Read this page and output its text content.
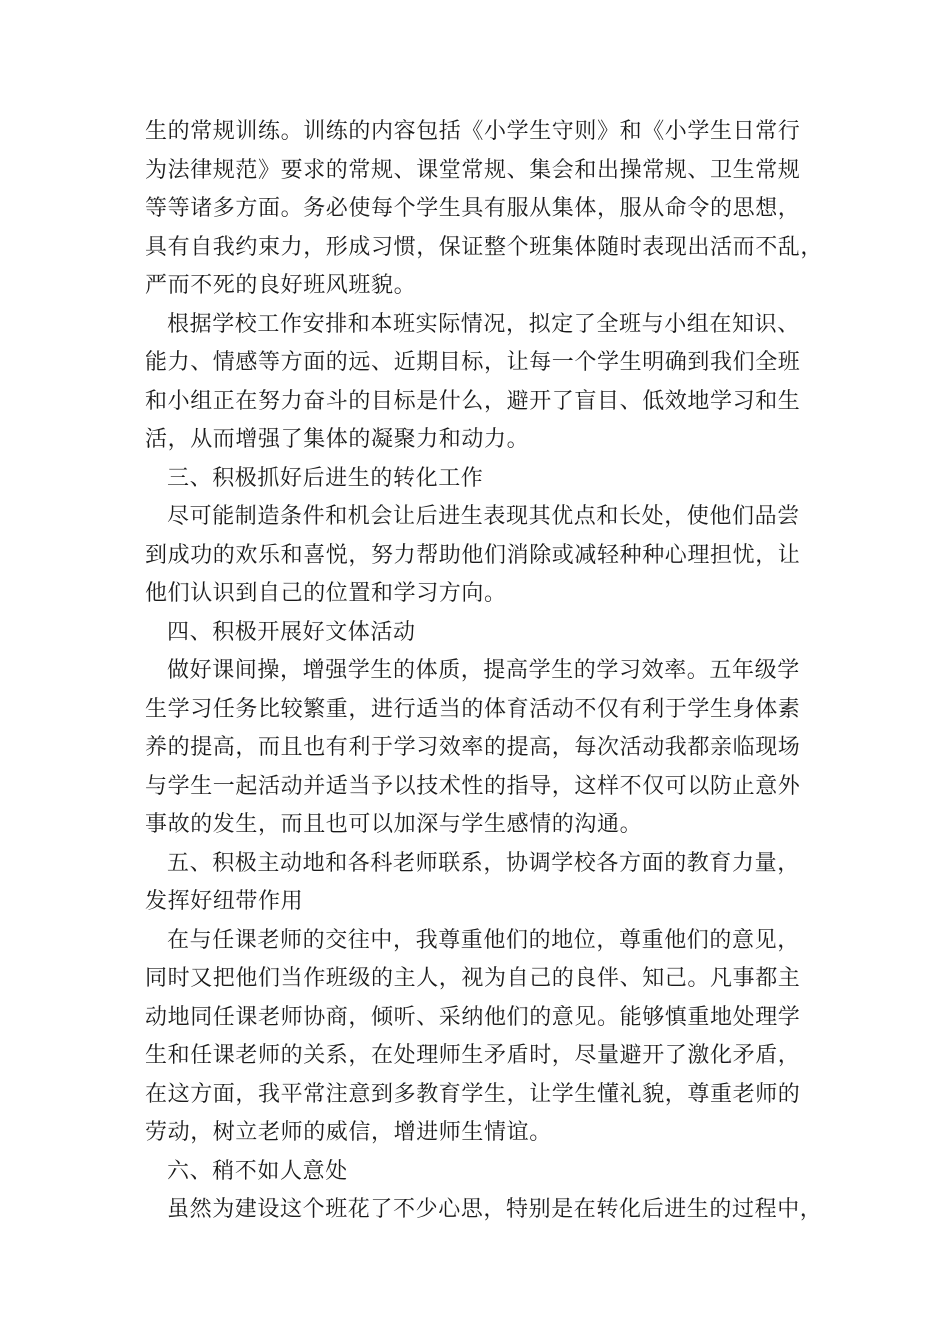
生的常规训练。训练的内容包括《小学生守则》和《小学生日常行
为法律规范》要求的常规、课堂常规、集会和出操常规、卫生常规
等等诸多方面。务必使每个学生具有服从集体，服从命令的思想，
具有自我约束力，形成习惯，保证整个班集体随时表现出活而不乱，
严而不死的良好班风班貌。
根据学校工作安排和本班实际情况，拟定了全班与小组在知识、
能力、情感等方面的远、近期目标，让每一个学生明确到我们全班
和小组正在努力奋斗的目标是什么，避开了盲目、低效地学习和生
活，从而增强了集体的凝聚力和动力。
三、积极抓好后进生的转化工作
尽可能制造条件和机会让后进生表现其优点和长处，使他们品尝
到成功的欢乐和喜悦，努力帮助他们消除或减轻种种心理担忧，让
他们认识到自己的位置和学习方向。
四、积极开展好文体活动
做好课间操，增强学生的体质，提高学生的学习效率。五年级学
生学习任务比较繁重，进行适当的体育活动不仅有利于学生身体素
养的提高，而且也有利于学习效率的提高，每次活动我都亲临现场
与学生一起活动并适当予以技术性的指导，这样不仅可以防止意外
事故的发生，而且也可以加深与学生感情的沟通。
五、积极主动地和各科老师联系，协调学校各方面的教育力量，
发挥好纽带作用
在与任课老师的交往中，我尊重他们的地位，尊重他们的意见，
同时又把他们当作班级的主人，视为自己的良伴、知己。凡事都主
动地同任课老师协商，倾听、采纳他们的意见。能够慎重地处理学
生和任课老师的关系，在处理师生矛盾时，尽量避开了激化矛盾，
在这方面，我平常注意到多教育学生，让学生懂礼貌，尊重老师的
劳动，树立老师的威信，增进师生情谊。
六、稍不如人意处
虽然为建设这个班花了不少心思，特别是在转化后进生的过程中，
